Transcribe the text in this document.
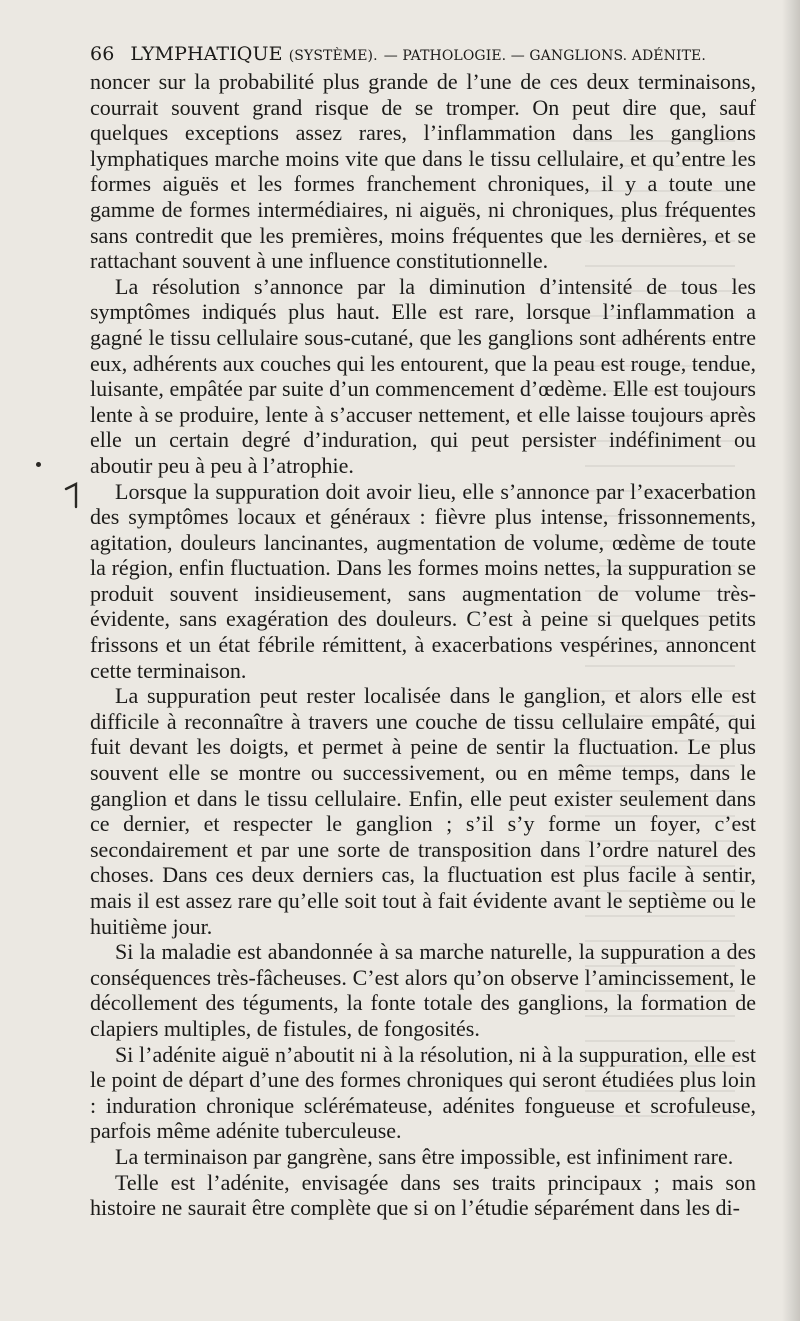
66 LYMPHATIQUE (SYSTÈME). — PATHOLOGIE. — GANGLIONS. ADÉNITE.

noncer sur la probabilité plus grande de l’une de ces deux terminaisons, courrait souvent grand risque de se tromper. On peut dire que, sauf quelques exceptions assez rares, l’inflammation dans les ganglions lymphatiques marche moins vite que dans le tissu cellulaire, et qu’entre les formes aiguës et les formes franchement chroniques, il y a toute une gamme de formes intermédiaires, ni aiguës, ni chroniques, plus fréquentes sans contredit que les premières, moins fréquentes que les dernières, et se rattachant souvent à une influence constitutionnelle.

La résolution s’annonce par la diminution d’intensité de tous les symptômes indiqués plus haut. Elle est rare, lorsque l’inflammation a gagné le tissu cellulaire sous-cutané, que les ganglions sont adhérents entre eux, adhérents aux couches qui les entourent, que la peau est rouge, tendue, luisante, empâtée par suite d’un commencement d’œdème. Elle est toujours lente à se produire, lente à s’accuser nettement, et elle laisse toujours après elle un certain degré d’induration, qui peut persister indéfiniment ou aboutir peu à peu à l’atrophie.

Lorsque la suppuration doit avoir lieu, elle s’annonce par l’exacerbation des symptômes locaux et généraux : fièvre plus intense, frissonnements, agitation, douleurs lancinantes, augmentation de volume, œdème de toute la région, enfin fluctuation. Dans les formes moins nettes, la suppuration se produit souvent insidieusement, sans augmentation de volume très-évidente, sans exagération des douleurs. C’est à peine si quelques petits frissons et un état fébrile rémittent, à exacerbations vespérines, annoncent cette terminaison.

La suppuration peut rester localisée dans le ganglion, et alors elle est difficile à reconnaître à travers une couche de tissu cellulaire empâté, qui fuit devant les doigts, et permet à peine de sentir la fluctuation. Le plus souvent elle se montre ou successivement, ou en même temps, dans le ganglion et dans le tissu cellulaire. Enfin, elle peut exister seulement dans ce dernier, et respecter le ganglion ; s’il s’y forme un foyer, c’est secondairement et par une sorte de transposition dans l’ordre naturel des choses. Dans ces deux derniers cas, la fluctuation est plus facile à sentir, mais il est assez rare qu’elle soit tout à fait évidente avant le septième ou le huitième jour.

Si la maladie est abandonnée à sa marche naturelle, la suppuration a des conséquences très-fâcheuses. C’est alors qu’on observe l’amincissement, le décollement des téguments, la fonte totale des ganglions, la formation de clapiers multiples, de fistules, de fongosités.

Si l’adénite aiguë n’aboutit ni à la résolution, ni à la suppuration, elle est le point de départ d’une des formes chroniques qui seront étudiées plus loin : induration chronique sclérémateuse, adénites fongueuse et scrofuleuse, parfois même adénite tuberculeuse.

La terminaison par gangrène, sans être impossible, est infiniment rare.

Telle est l’adénite, envisagée dans ses traits principaux ; mais son histoire ne saurait être complète que si on l’étudie séparément dans les di-
